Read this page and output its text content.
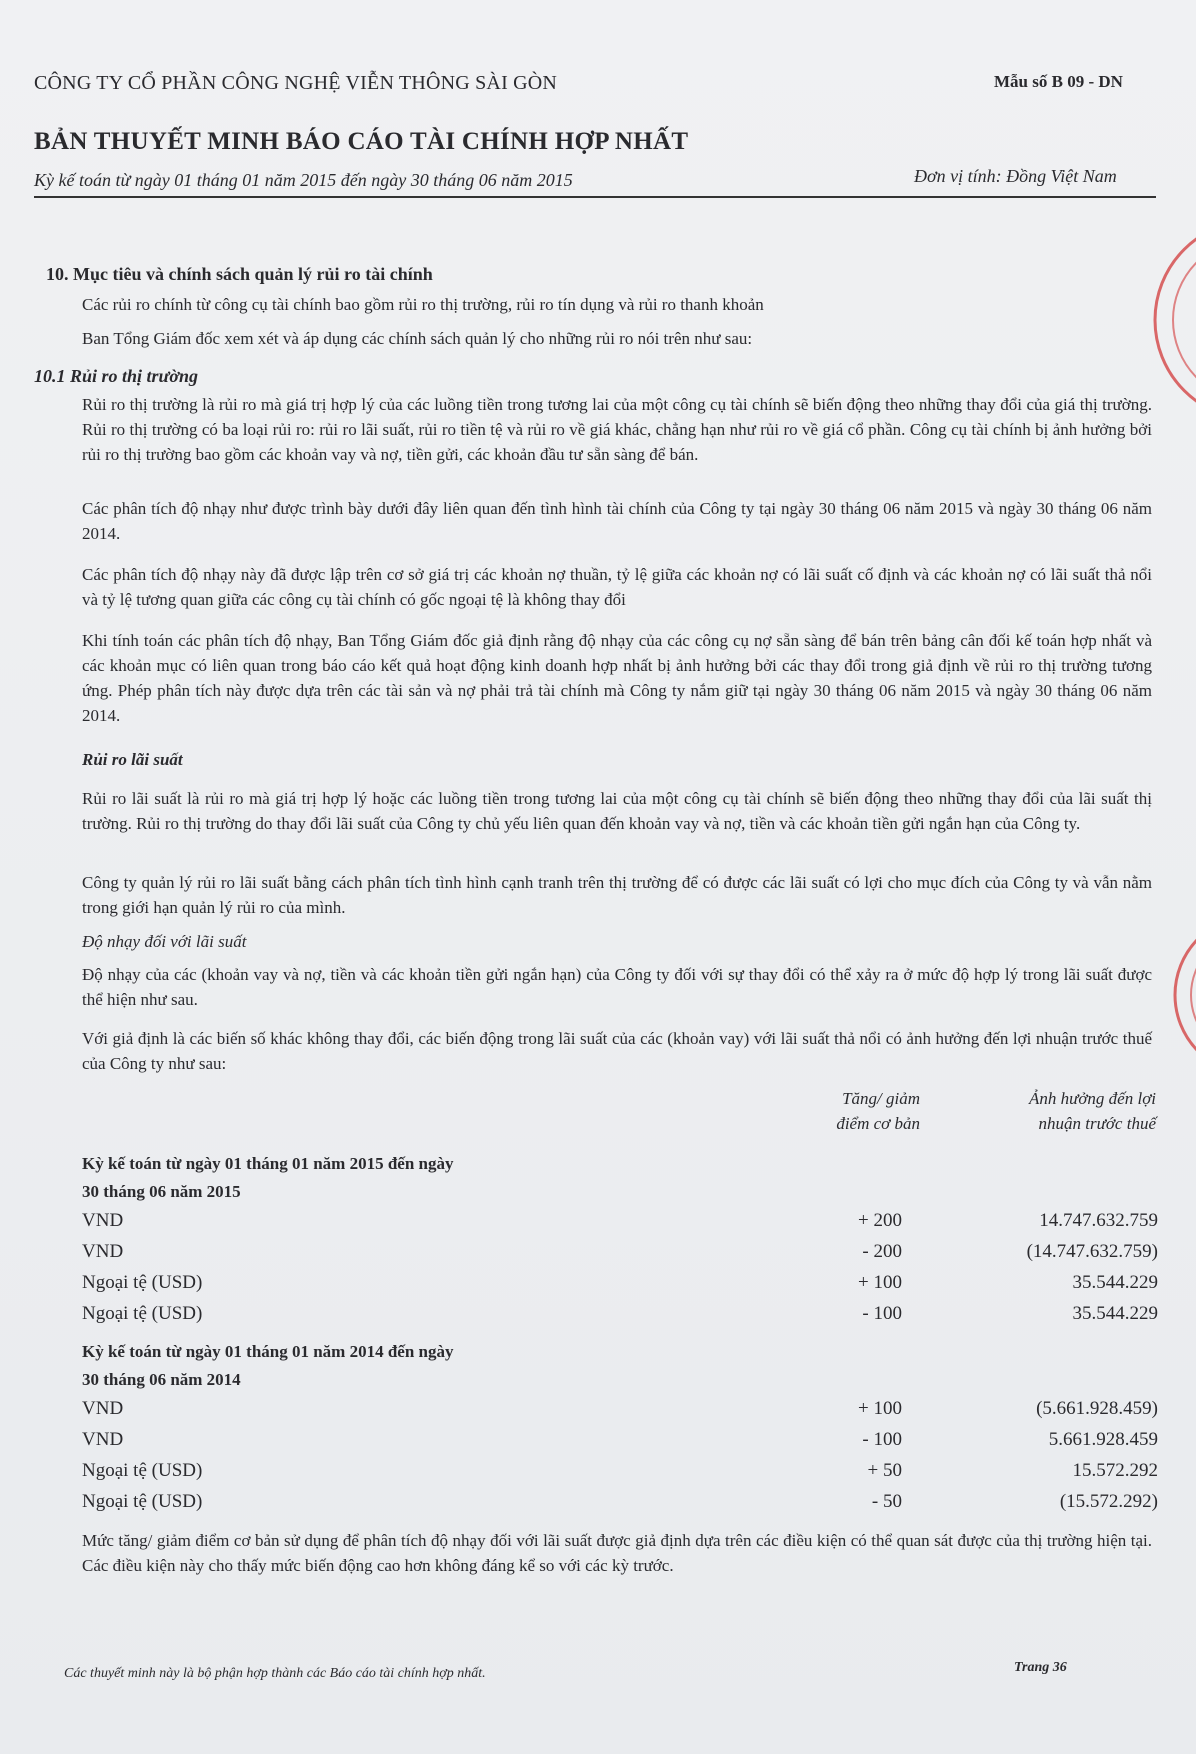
CÔNG TY CỔ PHẦN CÔNG NGHỆ VIỄN THÔNG SÀI GÒN	Mẫu số B 09 - DN
BẢN THUYẾT MINH BÁO CÁO TÀI CHÍNH HỢP NHẤT
Kỳ kế toán từ ngày 01 tháng 01 năm 2015 đến ngày 30 tháng 06 năm 2015	Đơn vị tính: Đồng Việt Nam
10. Mục tiêu và chính sách quản lý rủi ro tài chính

Các rủi ro chính từ công cụ tài chính bao gồm rủi ro thị trường, rủi ro tín dụng và rủi ro thanh khoản

Ban Tổng Giám đốc xem xét và áp dụng các chính sách quản lý cho những rủi ro nói trên như sau:

10.1 Rủi ro thị trường

Rủi ro thị trường là rủi ro mà giá trị hợp lý của các luồng tiền trong tương lai của một công cụ tài chính sẽ biến động theo những thay đổi của giá thị trường. Rủi ro thị trường có ba loại rủi ro: rủi ro lãi suất, rủi ro tiền tệ và rủi ro về giá khác, chẳng hạn như rủi ro về giá cổ phần. Công cụ tài chính bị ảnh hưởng bởi rủi ro thị trường bao gồm các khoản vay và nợ, tiền gửi, các khoản đầu tư sẵn sàng để bán.

Các phân tích độ nhạy như được trình bày dưới đây liên quan đến tình hình tài chính của Công ty tại ngày 30 tháng 06 năm 2015 và ngày 30 tháng 06 năm 2014.

Các phân tích độ nhạy này đã được lập trên cơ sở giá trị các khoản nợ thuần, tỷ lệ giữa các khoản nợ có lãi suất cố định và các khoản nợ có lãi suất thả nổi và tỷ lệ tương quan giữa các công cụ tài chính có gốc ngoại tệ là không thay đổi

Khi tính toán các phân tích độ nhạy, Ban Tổng Giám đốc giả định rằng độ nhạy của các công cụ nợ sẵn sàng để bán trên bảng cân đối kế toán hợp nhất và các khoản mục có liên quan trong báo cáo kết quả hoạt động kinh doanh hợp nhất bị ảnh hưởng bởi các thay đổi trong giả định về rủi ro thị trường tương ứng. Phép phân tích này được dựa trên các tài sản và nợ phải trả tài chính mà Công ty nắm giữ tại ngày 30 tháng 06 năm 2015 và ngày 30 tháng 06 năm 2014.

Rủi ro lãi suất

Rủi ro lãi suất là rủi ro mà giá trị hợp lý hoặc các luồng tiền trong tương lai của một công cụ tài chính sẽ biến động theo những thay đổi của lãi suất thị trường. Rủi ro thị trường do thay đổi lãi suất của Công ty chủ yếu liên quan đến khoản vay và nợ, tiền và các khoản tiền gửi ngắn hạn của Công ty.

Công ty quản lý rủi ro lãi suất bằng cách phân tích tình hình cạnh tranh trên thị trường để có được các lãi suất có lợi cho mục đích của Công ty và vẫn nằm trong giới hạn quản lý rủi ro của mình.

Độ nhạy đối với lãi suất

Độ nhạy của các (khoản vay và nợ, tiền và các khoản tiền gửi ngắn hạn) của Công ty đối với sự thay đổi có thể xảy ra ở mức độ hợp lý trong lãi suất được thể hiện như sau.

Với giả định là các biến số khác không thay đổi, các biến động trong lãi suất của các (khoản vay) với lãi suất thả nổi có ảnh hưởng đến lợi nhuận trước thuế của Công ty như sau:

Tăng/ giảm
điểm cơ bản
Ảnh hưởng đến lợi
nhuận trước thuế
Kỳ kế toán từ ngày 01 tháng 01 năm 2015 đến ngày
30 tháng 06 năm 2015
VND	+ 200	14.747.632.759
VND	- 200	(14.747.632.759)
Ngoại tệ (USD)	+ 100	35.544.229
Ngoại tệ (USD)	- 100	35.544.229
Kỳ kế toán từ ngày 01 tháng 01 năm 2014 đến ngày
30 tháng 06 năm 2014
VND	+ 100	(5.661.928.459)
VND	- 100	5.661.928.459
Ngoại tệ (USD)	+ 50	15.572.292
Ngoại tệ (USD)	- 50	(15.572.292)

Mức tăng/ giảm điểm cơ bản sử dụng để phân tích độ nhạy đối với lãi suất được giả định dựa trên các điều kiện có thể quan sát được của thị trường hiện tại. Các điều kiện này cho thấy mức biến động cao hơn không đáng kể so với các kỳ trước.

Các thuyết minh này là bộ phận hợp thành các Báo cáo tài chính hợp nhất.	Trang 36
